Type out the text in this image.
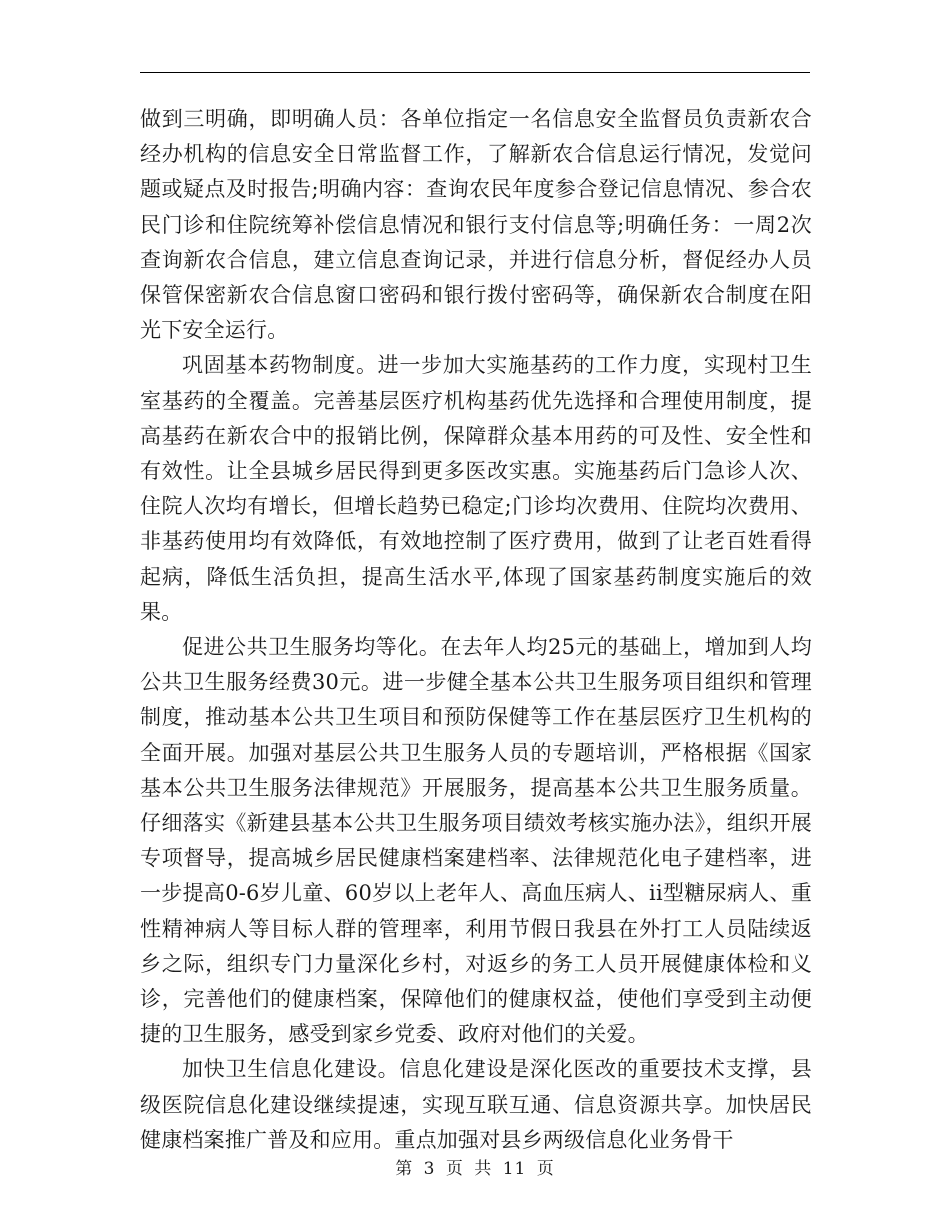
做到三明确，即明确人员：各单位指定一名信息安全监督员负责新农合经办机构的信息安全日常监督工作，了解新农合信息运行情况，发觉问题或疑点及时报告;明确内容：查询农民年度参合登记信息情况、参合农民门诊和住院统筹补偿信息情况和银行支付信息等;明确任务：一周2次查询新农合信息，建立信息查询记录，并进行信息分析，督促经办人员保管保密新农合信息窗口密码和银行拨付密码等，确保新农合制度在阳光下安全运行。

巩固基本药物制度。进一步加大实施基药的工作力度，实现村卫生室基药的全覆盖。完善基层医疗机构基药优先选择和合理使用制度，提高基药在新农合中的报销比例，保障群众基本用药的可及性、安全性和有效性。让全县城乡居民得到更多医改实惠。实施基药后门急诊人次、住院人次均有增长，但增长趋势已稳定;门诊均次费用、住院均次费用、非基药使用均有效降低，有效地控制了医疗费用，做到了让老百姓看得起病，降低生活负担，提高生活水平,体现了国家基药制度实施后的效果。

促进公共卫生服务均等化。在去年人均25元的基础上，增加到人均公共卫生服务经费30元。进一步健全基本公共卫生服务项目组织和管理制度，推动基本公共卫生项目和预防保健等工作在基层医疗卫生机构的全面开展。加强对基层公共卫生服务人员的专题培训，严格根据《国家基本公共卫生服务法律规范》开展服务，提高基本公共卫生服务质量。仔细落实《新建县基本公共卫生服务项目绩效考核实施办法》，组织开展专项督导，提高城乡居民健康档案建档率、法律规范化电子建档率，进一步提高0-6岁儿童、60岁以上老年人、高血压病人、ii型糖尿病人、重性精神病人等目标人群的管理率，利用节假日我县在外打工人员陆续返乡之际，组织专门力量深化乡村，对返乡的务工人员开展健康体检和义诊，完善他们的健康档案，保障他们的健康权益，使他们享受到主动便捷的卫生服务，感受到家乡党委、政府对他们的关爱。

加快卫生信息化建设。信息化建设是深化医改的重要技术支撑，县级医院信息化建设继续提速，实现互联互通、信息资源共享。加快居民健康档案推广普及和应用。重点加强对县乡两级信息化业务骨干

第 3 页 共 11 页
